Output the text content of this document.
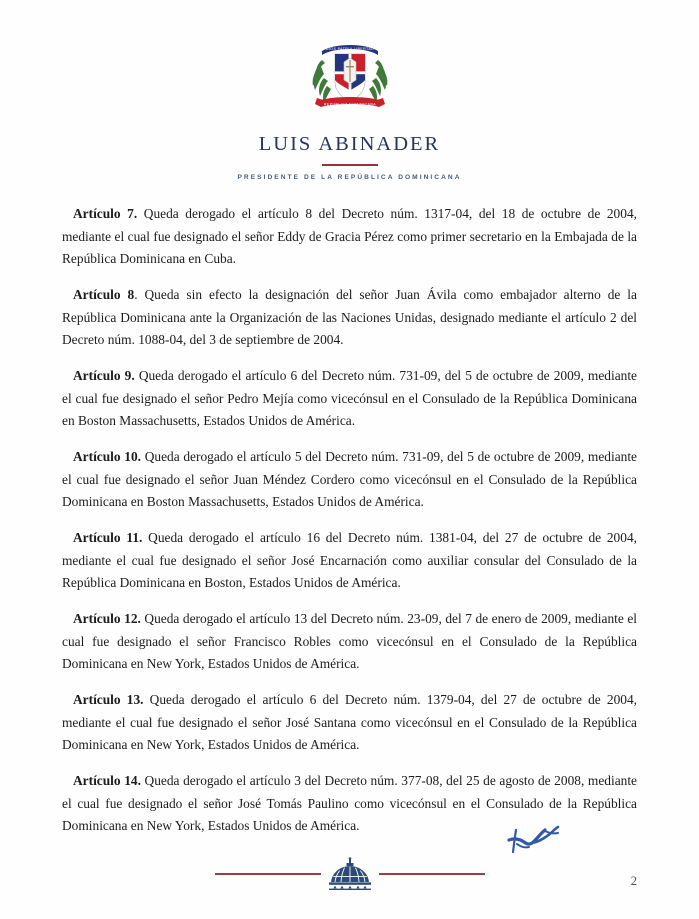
DIOS PATRIA LIBERTAD
REPUBLICA DOMINICANA
LUIS ABINADER
PRESIDENTE DE LA REPÚBLICA DOMINICANA

Artículo 7. Queda derogado el artículo 8 del Decreto núm. 1317-04, del 18 de octubre de 2004, mediante el cual fue designado el señor Eddy de Gracia Pérez como primer secretario en la Embajada de la República Dominicana en Cuba.

Artículo 8. Queda sin efecto la designación del señor Juan Ávila como embajador alterno de la República Dominicana ante la Organización de las Naciones Unidas, designado mediante el artículo 2 del Decreto núm. 1088-04, del 3 de septiembre de 2004.

Artículo 9. Queda derogado el artículo 6 del Decreto núm. 731-09, del 5 de octubre de 2009, mediante el cual fue designado el señor Pedro Mejía como vicecónsul en el Consulado de la República Dominicana en Boston Massachusetts, Estados Unidos de América.

Artículo 10. Queda derogado el artículo 5 del Decreto núm. 731-09, del 5 de octubre de 2009, mediante el cual fue designado el señor Juan Méndez Cordero como vicecónsul en el Consulado de la República Dominicana en Boston Massachusetts, Estados Unidos de América.

Artículo 11. Queda derogado el artículo 16 del Decreto núm. 1381-04, del 27 de octubre de 2004, mediante el cual fue designado el señor José Encarnación como auxiliar consular del Consulado de la República Dominicana en Boston, Estados Unidos de América.

Artículo 12. Queda derogado el artículo 13 del Decreto núm. 23-09, del 7 de enero de 2009, mediante el cual fue designado el señor Francisco Robles como vicecónsul en el Consulado de la República Dominicana en New York, Estados Unidos de América.

Artículo 13. Queda derogado el artículo 6 del Decreto núm. 1379-04, del 27 de octubre de 2004, mediante el cual fue designado el señor José Santana como vicecónsul en el Consulado de la República Dominicana en New York, Estados Unidos de América.

Artículo 14. Queda derogado el artículo 3 del Decreto núm. 377-08, del 25 de agosto de 2008, mediante el cual fue designado el señor José Tomás Paulino como vicecónsul en el Consulado de la República Dominicana en New York, Estados Unidos de América.

2
